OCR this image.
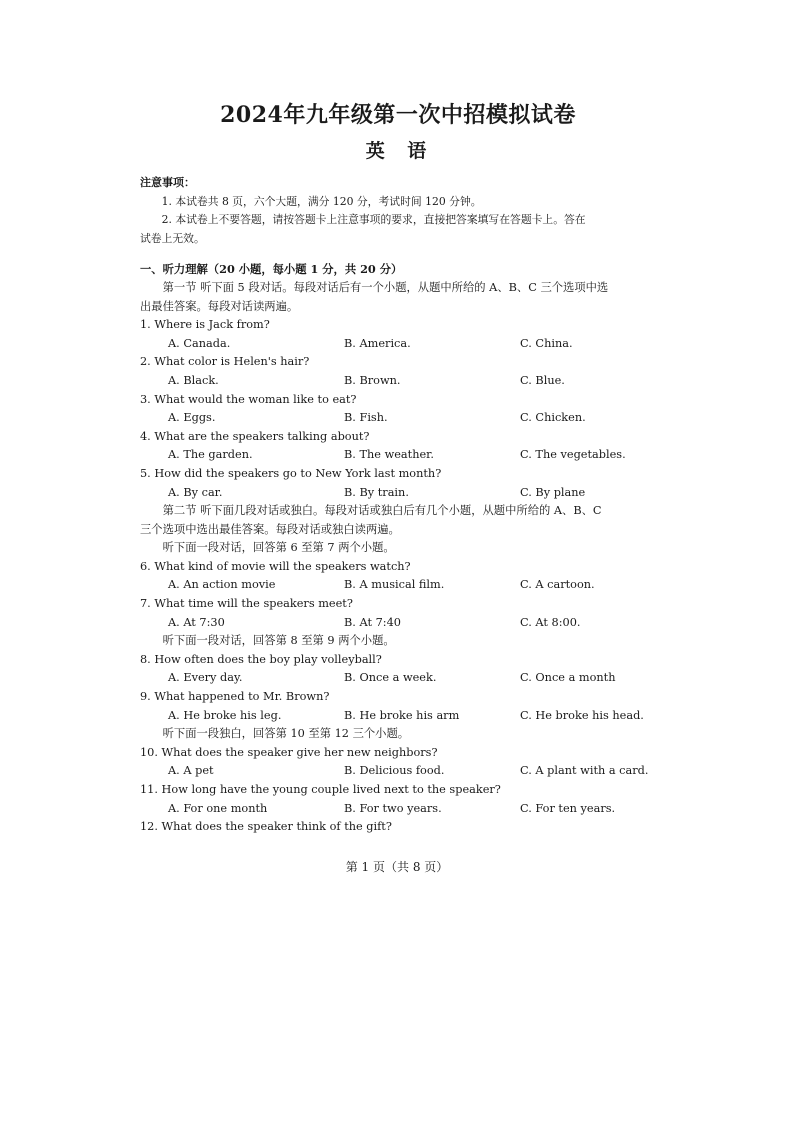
2024年九年级第一次中招模拟试卷
英 语
注意事项：
1. 本试卷共 8 页，六个大题，满分 120 分，考试时间 120 分钟。
2. 本试卷上不要答题，请按答题卡上注意事项的要求，直接把答案填写在答题卡上。答在
试卷上无效。
一、听力理解（20 小题，每小题 1 分，共 20 分）
第一节 听下面 5 段对话。每段对话后有一个小题，从题中所给的 A、B、C 三个选项中选
出最佳答案。每段对话读两遍。
1. Where is Jack from?
A. Canada.	B. America.	C. China.
2. What color is Helen's hair?
A. Black.	B. Brown.	C. Blue.
3. What would the woman like to eat?
A. Eggs.	B. Fish.	C. Chicken.
4. What are the speakers talking about?
A. The garden.	B. The weather.	C. The vegetables.
5. How did the speakers go to New York last month?
A. By car.	B. By train.	C. By plane
第二节 听下面几段对话或独白。每段对话或独白后有几个小题，从题中所给的 A、B、C
三个选项中选出最佳答案。每段对话或独白读两遍。
听下面一段对话，回答第 6 至第 7 两个小题。
6. What kind of movie will the speakers watch?
A. An action movie	B. A musical film.	C. A cartoon.
7. What time will the speakers meet?
A. At 7:30	B. At 7:40	C. At 8:00.
听下面一段对话，回答第 8 至第 9 两个小题。
8. How often does the boy play volleyball?
A. Every day.	B. Once a week.	C. Once a month
9. What happened to Mr. Brown?
A. He broke his leg.	B. He broke his arm	C. He broke his head.
听下面一段独白，回答第 10 至第 12 三个小题。
10. What does the speaker give her new neighbors?
A. A pet	B. Delicious food.	C. A plant with a card.
11. How long have the young couple lived next to the speaker?
A. For one month	B. For two years.	C. For ten years.
12. What does the speaker think of the gift?
第 1 页（共 8 页）
